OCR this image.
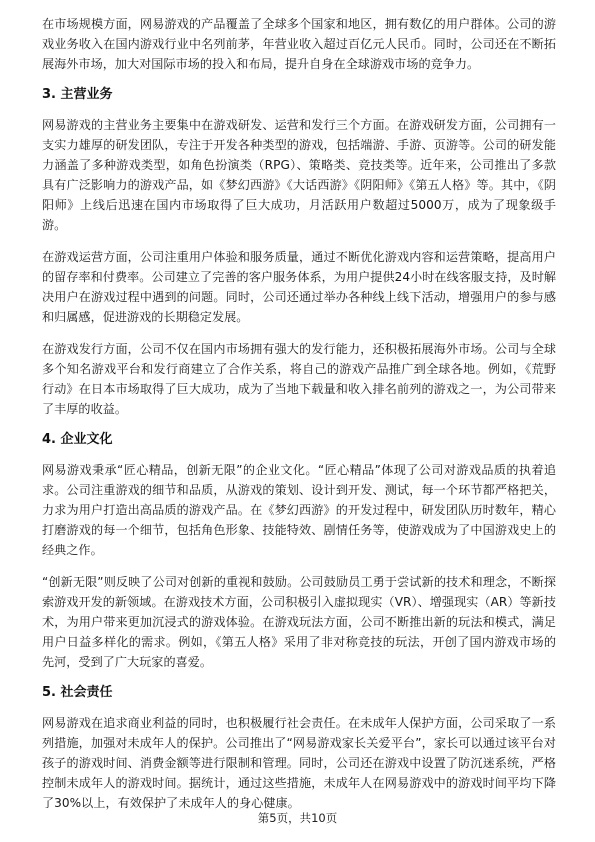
在市场规模方面，网易游戏的产品覆盖了全球多个国家和地区，拥有数亿的用户群体。公司的游戏业务收入在国内游戏行业中名列前茅，年营业收入超过百亿元人民币。同时，公司还在不断拓展海外市场，加大对国际市场的投入和布局，提升自身在全球游戏市场的竞争力。

3. 主营业务

网易游戏的主营业务主要集中在游戏研发、运营和发行三个方面。在游戏研发方面，公司拥有一支实力雄厚的研发团队，专注于开发各种类型的游戏，包括端游、手游、页游等。公司的研发能力涵盖了多种游戏类型，如角色扮演类（RPG）、策略类、竞技类等。近年来，公司推出了多款具有广泛影响力的游戏产品，如《梦幻西游》《大话西游》《阴阳师》《第五人格》等。其中，《阴阳师》上线后迅速在国内市场取得了巨大成功，月活跃用户数超过5000万，成为了现象级手游。

在游戏运营方面，公司注重用户体验和服务质量，通过不断优化游戏内容和运营策略，提高用户的留存率和付费率。公司建立了完善的客户服务体系，为用户提供24小时在线客服支持，及时解决用户在游戏过程中遇到的问题。同时，公司还通过举办各种线上线下活动，增强用户的参与感和归属感，促进游戏的长期稳定发展。

在游戏发行方面，公司不仅在国内市场拥有强大的发行能力，还积极拓展海外市场。公司与全球多个知名游戏平台和发行商建立了合作关系，将自己的游戏产品推广到全球各地。例如，《荒野行动》在日本市场取得了巨大成功，成为了当地下载量和收入排名前列的游戏之一，为公司带来了丰厚的收益。

4. 企业文化

网易游戏秉承“匠心精品，创新无限”的企业文化。“匠心精品”体现了公司对游戏品质的执着追求。公司注重游戏的细节和品质，从游戏的策划、设计到开发、测试，每一个环节都严格把关，力求为用户打造出高品质的游戏产品。在《梦幻西游》的开发过程中，研发团队历时数年，精心打磨游戏的每一个细节，包括角色形象、技能特效、剧情任务等，使游戏成为了中国游戏史上的经典之作。

“创新无限”则反映了公司对创新的重视和鼓励。公司鼓励员工勇于尝试新的技术和理念，不断探索游戏开发的新领域。在游戏技术方面，公司积极引入虚拟现实（VR）、增强现实（AR）等新技术，为用户带来更加沉浸式的游戏体验。在游戏玩法方面，公司不断推出新的玩法和模式，满足用户日益多样化的需求。例如，《第五人格》采用了非对称竞技的玩法，开创了国内游戏市场的先河，受到了广大玩家的喜爱。

5. 社会责任

网易游戏在追求商业利益的同时，也积极履行社会责任。在未成年人保护方面，公司采取了一系列措施，加强对未成年人的保护。公司推出了“网易游戏家长关爱平台”，家长可以通过该平台对孩子的游戏时间、消费金额等进行限制和管理。同时，公司还在游戏中设置了防沉迷系统，严格控制未成年人的游戏时间。据统计，通过这些措施，未成年人在网易游戏中的游戏时间平均下降了30%以上，有效保护了未成年人的身心健康。

第5页，共10页
